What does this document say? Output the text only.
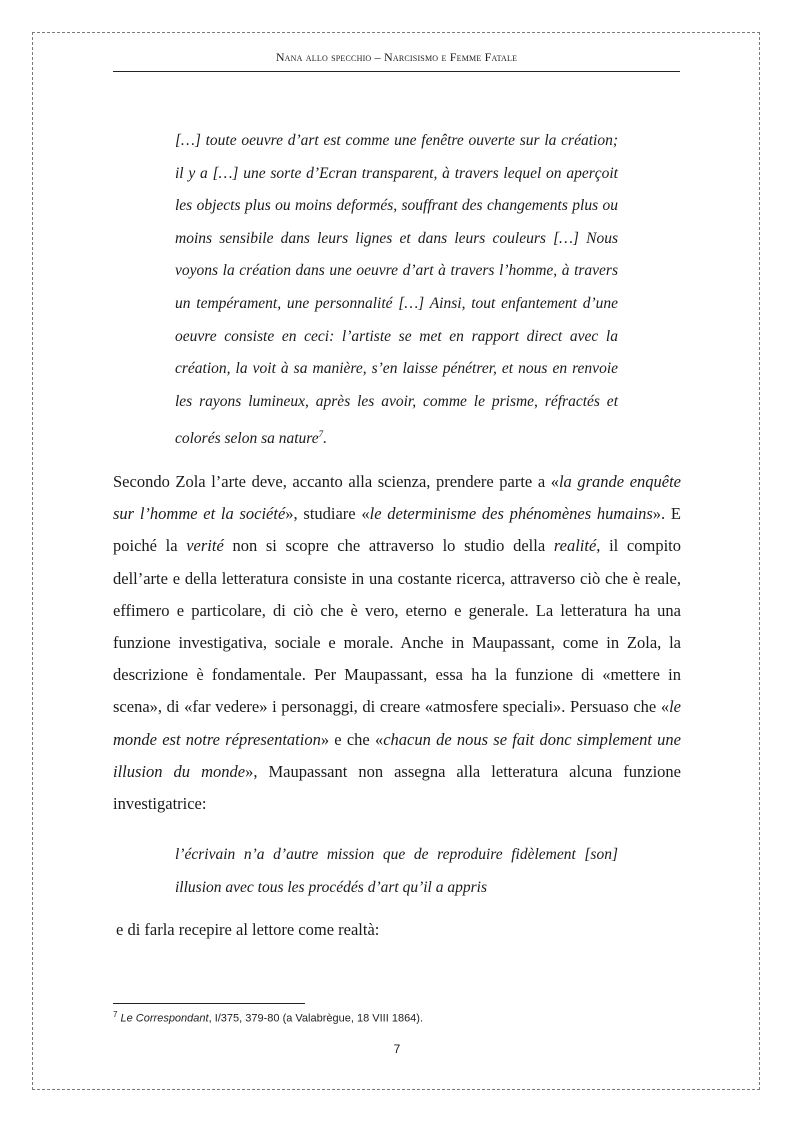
Nana allo specchio – Narcisismo e Femme Fatale

[…] toute oeuvre d’art est comme une fenêtre ouverte sur la création; il y a […] une sorte d’Ecran transparent, à travers lequel on aperçoit les objects plus ou moins deformés, souffrant des changements plus ou moins sensibile dans leurs lignes et dans leurs couleurs […] Nous voyons la création dans une oeuvre d’art à travers l’homme, à travers un tempérament, une personnalité […] Ainsi, tout enfantement d’une oeuvre consiste en ceci: l’artiste se met en rapport direct avec la création, la voit à sa manière, s’en laisse pénétrer, et nous en renvoie les rayons lumineux, après les avoir, comme le prisme, réfractés et colorés selon sa nature$^7$.

Secondo Zola l’arte deve, accanto alla scienza, prendere parte a «la grande enquête sur l’homme et la société», studiare «le determinisme des phénomènes humains». E poiché la verité non si scopre che attraverso lo studio della realité, il compito dell’arte e della letteratura consiste in una costante ricerca, attraverso ciò che è reale, effimero e particolare, di ciò che è vero, eterno e generale. La letteratura ha una funzione investigativa, sociale e morale. Anche in Maupassant, come in Zola, la descrizione è fondamentale. Per Maupassant, essa ha la funzione di «mettere in scena», di «far vedere» i personaggi, di creare «atmosfere speciali». Persuaso che «le monde est notre répresentation» e che «chacun de nous se fait donc simplement une illusion du monde», Maupassant non assegna alla letteratura alcuna funzione investigatrice:

l’écrivain n’a d’autre mission que de reproduire fidèlement [son] illusion avec tous les procédés d’art qu’il a appris

e di farla recepire al lettore come realtà:

$^7$ Le Correspondant, I/375, 379-80 (a Valabrègue, 18 VIII 1864).
7
